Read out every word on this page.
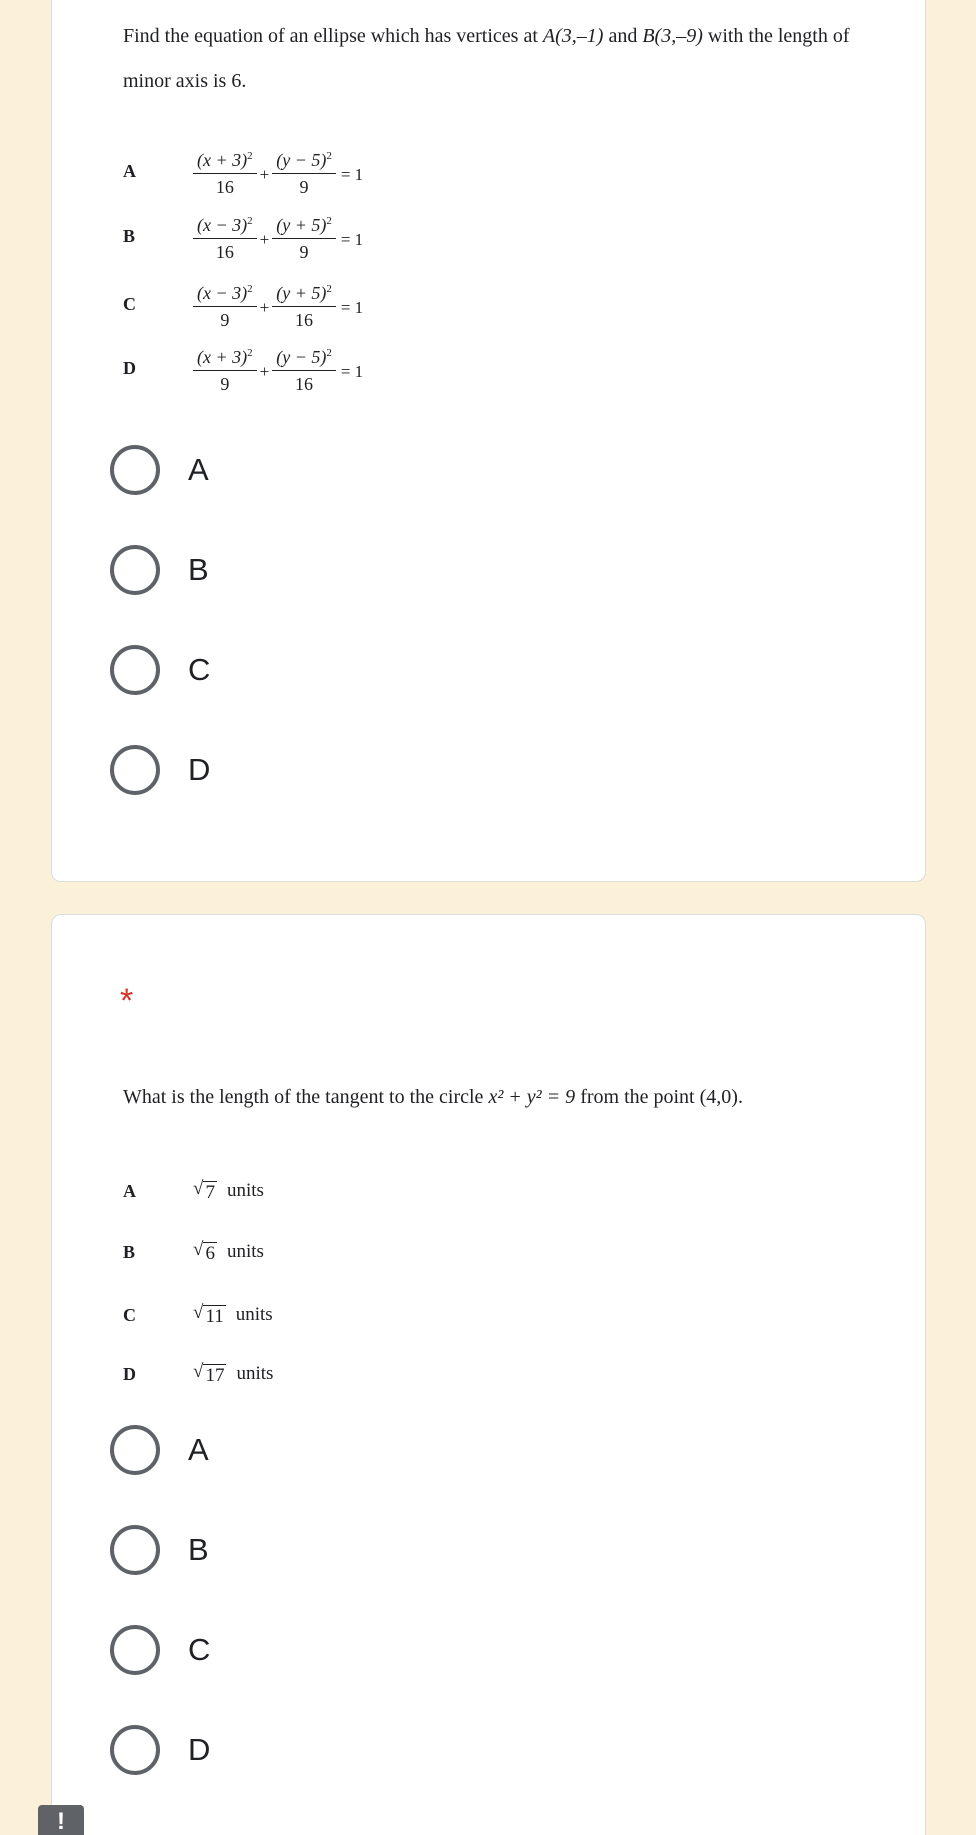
Find the equation of an ellipse which has vertices at A(3,–1) and B(3,–9) with the length of minor axis is 6.
A	$\frac{(x + 3)^2}{16} + \frac{(y - 5)^2}{9} = 1$
B	$\frac{(x - 3)^2}{16} + \frac{(y + 5)^2}{9} = 1$
C	$\frac{(x - 3)^2}{9} + \frac{(y + 5)^2}{16} = 1$
D	$\frac{(x + 3)^2}{9} + \frac{(y - 5)^2}{16} = 1$
A
B
C
D
What is the length of the tangent to the circle x² + y² = 9 from the point (4,0).
A	√ 7 units
B	√ 6 units
C	√ 11 units
D	√ 17 units
*
A
B
C
D
!
